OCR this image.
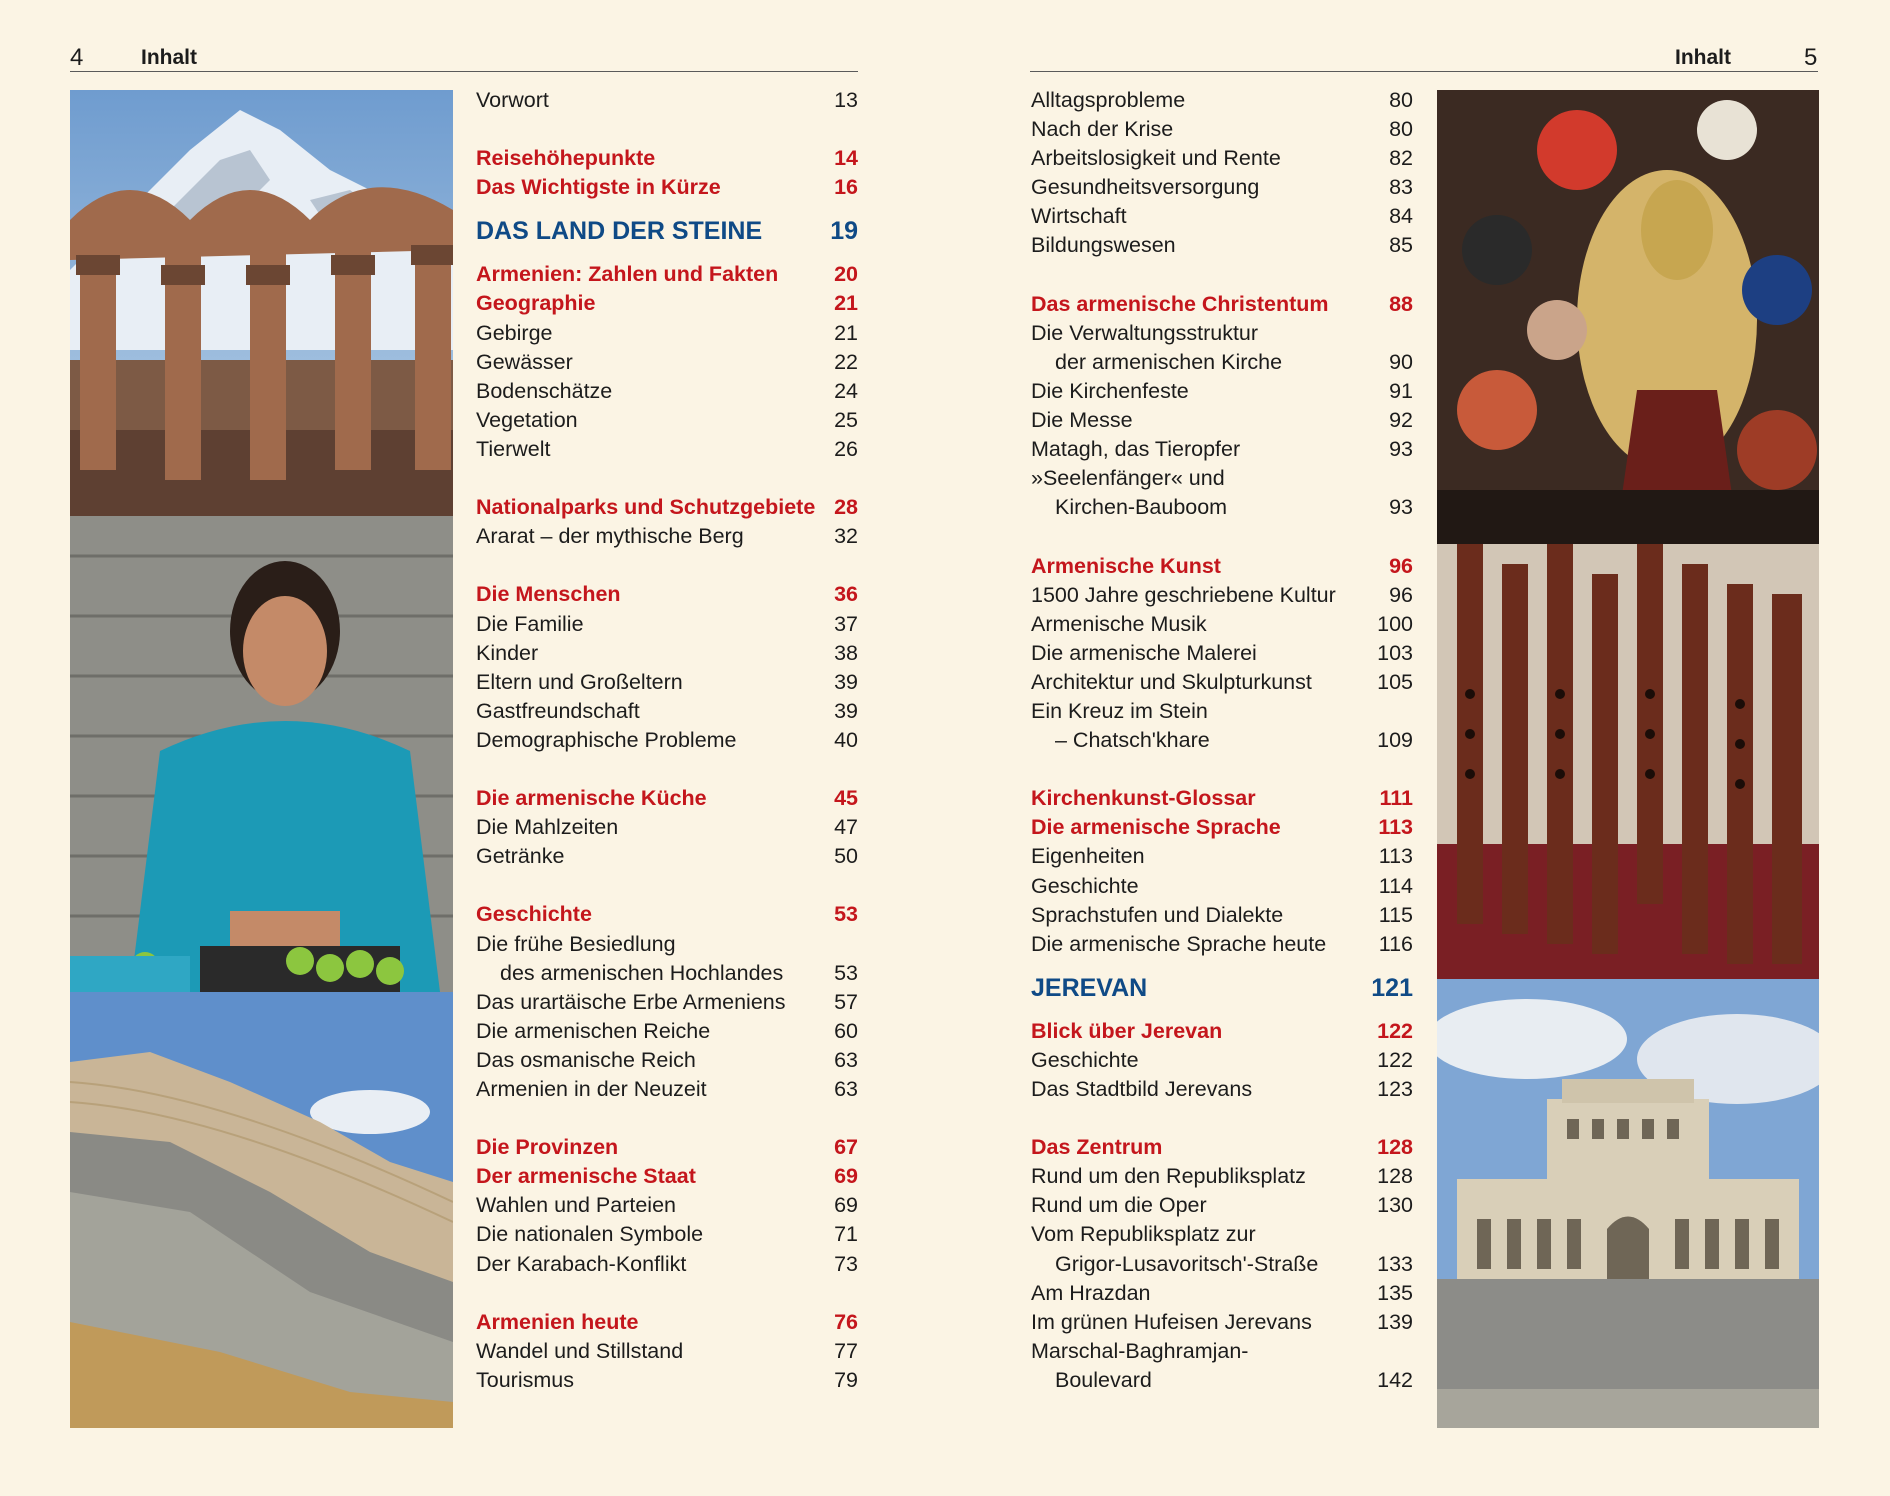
4	Inhalt	Inhalt	5
Vorwort	13
Reisehöhepunkte	14
Das Wichtigste in Kürze	16
DAS LAND DER STEINE	19
Armenien: Zahlen und Fakten	20
Geographie	21
Gebirge	21
Gewässer	22
Bodenschätze	24
Vegetation	25
Tierwelt	26
Nationalparks und Schutzgebiete 28
Ararat – der mythische Berg	32
Die Menschen	36
Die Familie	37
Kinder	38
Eltern und Großeltern	39
Gastfreundschaft	39
Demographische Probleme	40
Die armenische Küche	45
Die Mahlzeiten	47
Getränke	50
Geschichte	53
Die frühe Besiedlung
des armenischen Hochlandes	53
Das urartäische Erbe Armeniens	57
Die armenischen Reiche	60
Das osmanische Reich	63
Armenien in der Neuzeit	63
Die Provinzen	67
Der armenische Staat	69
Wahlen und Parteien	69
Die nationalen Symbole	71
Der Karabach-Konflikt	73
Armenien heute	76
Wandel und Stillstand	77
Tourismus	79
Alltagsprobleme	80
Nach der Krise	80
Arbeitslosigkeit und Rente	82
Gesundheitsversorgung	83
Wirtschaft	84
Bildungswesen	85
Das armenische Christentum	88
Die Verwaltungsstruktur
der armenischen Kirche	90
Die Kirchenfeste	91
Die Messe	92
Matagh, das Tieropfer	93
»Seelenfänger« und
Kirchen-Bauboom	93
Armenische Kunst	96
1500 Jahre geschriebene Kultur	96
Armenische Musik	100
Die armenische Malerei	103
Architektur und Skulpturkunst	105
Ein Kreuz im Stein
– Chatsch'khare	109
Kirchenkunst-Glossar	111
Die armenische Sprache	113
Eigenheiten	113
Geschichte	114
Sprachstufen und Dialekte	115
Die armenische Sprache heute	116
JEREVAN	121
Blick über Jerevan	122
Geschichte	122
Das Stadtbild Jerevans	123
Das Zentrum	128
Rund um den Republiksplatz	128
Rund um die Oper	130
Vom Republiksplatz zur
Grigor-Lusavoritsch'-Straße	133
Am Hrazdan	135
Im grünen Hufeisen Jerevans	139
Marschal-Baghramjan-
Boulevard	142
